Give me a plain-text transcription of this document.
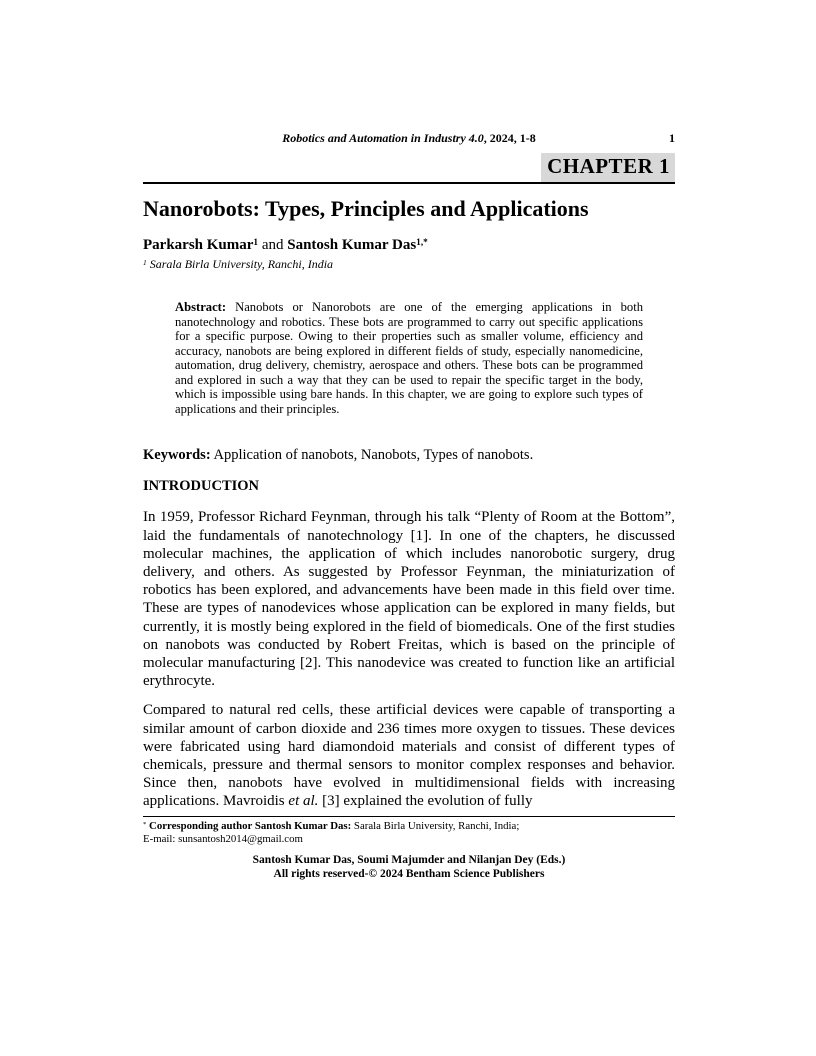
Robotics and Automation in Industry 4.0, 2024, 1-8	1
CHAPTER 1
Nanorobots: Types, Principles and Applications
Parkarsh Kumar$^1$ and Santosh Kumar Das$^{1,*}$
$^1$ Sarala Birla University, Ranchi, India

Abstract: Nanobots or Nanorobots are one of the emerging applications in both nanotechnology and robotics. These bots are programmed to carry out specific applications for a specific purpose. Owing to their properties such as smaller volume, efficiency and accuracy, nanobots are being explored in different fields of study, especially nanomedicine, automation, drug delivery, chemistry, aerospace and others. These bots can be programmed and explored in such a way that they can be used to repair the specific target in the body, which is impossible using bare hands. In this chapter, we are going to explore such types of applications and their principles.

Keywords: Application of nanobots, Nanobots, Types of nanobots.

INTRODUCTION

In 1959, Professor Richard Feynman, through his talk “Plenty of Room at the Bottom”, laid the fundamentals of nanotechnology [1]. In one of the chapters, he discussed molecular machines, the application of which includes nanorobotic surgery, drug delivery, and others. As suggested by Professor Feynman, the miniaturization of robotics has been explored, and advancements have been made in this field over time. These are types of nanodevices whose application can be explored in many fields, but currently, it is mostly being explored in the field of biomedicals. One of the first studies on nanobots was conducted by Robert Freitas, which is based on the principle of molecular manufacturing [2]. This nanodevice was created to function like an artificial erythrocyte.

Compared to natural red cells, these artificial devices were capable of transporting a similar amount of carbon dioxide and 236 times more oxygen to tissues. These devices were fabricated using hard diamondoid materials and consist of different types of chemicals, pressure and thermal sensors to monitor complex responses and behavior. Since then, nanobots have evolved in multidimensional fields with increasing applications. Mavroidis et al. [3] explained the evolution of fully

* Corresponding author Santosh Kumar Das: Sarala Birla University, Ranchi, India;
E-mail: sunsantosh2014@gmail.com
Santosh Kumar Das, Soumi Majumder and Nilanjan Dey (Eds.)
All rights reserved-© 2024 Bentham Science Publishers
